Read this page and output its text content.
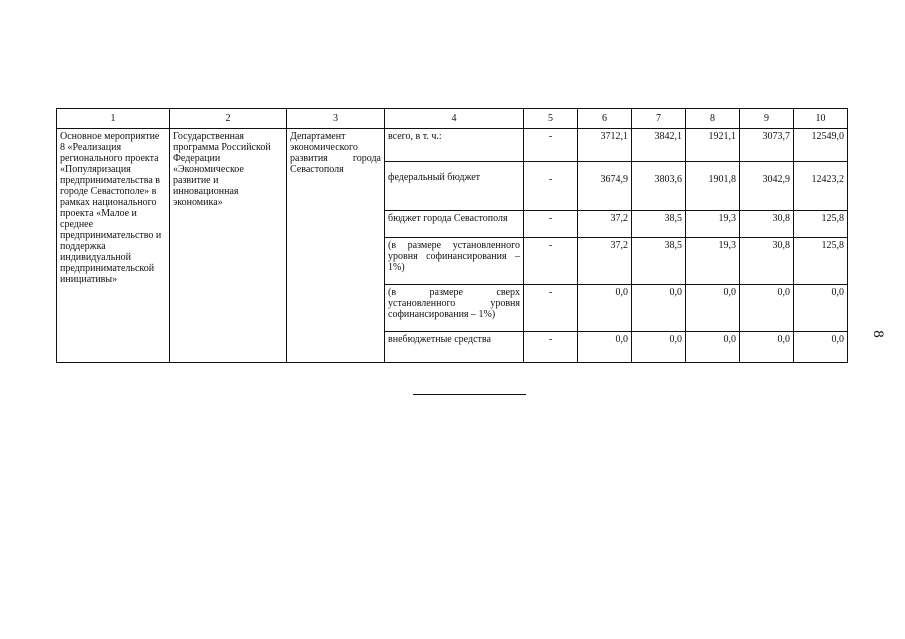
1	2	3	4	5	6	7	8	9	10
Основное мероприятие 8 «Реализация регионального проекта «Популяризация предпринимательства в городе Севастополе» в рамках национального проекта «Малое и среднее предпринимательство и поддержка индивидуальной предпринимательской инициативы»	Государственная программа Российской Федерации «Экономическое развитие и инновационная экономика»	Департамент экономического развития города Севастополя	всего, в т. ч.:	-	3712,1	3842,1	1921,1	3073,7	12549,0
			федеральный бюджет	-	3674,9	3803,6	1901,8	3042,9	12423,2
			бюджет города Севастополя	-	37,2	38,5	19,3	30,8	125,8
			(в размере установленного уровня софинансирования – 1%)	-	37,2	38,5	19,3	30,8	125,8
			(в размере сверх установленного уровня софинансирования – 1%)	-	0,0	0,0	0,0	0,0	0,0
			внебюджетные средства	-	0,0	0,0	0,0	0,0	0,0 8
